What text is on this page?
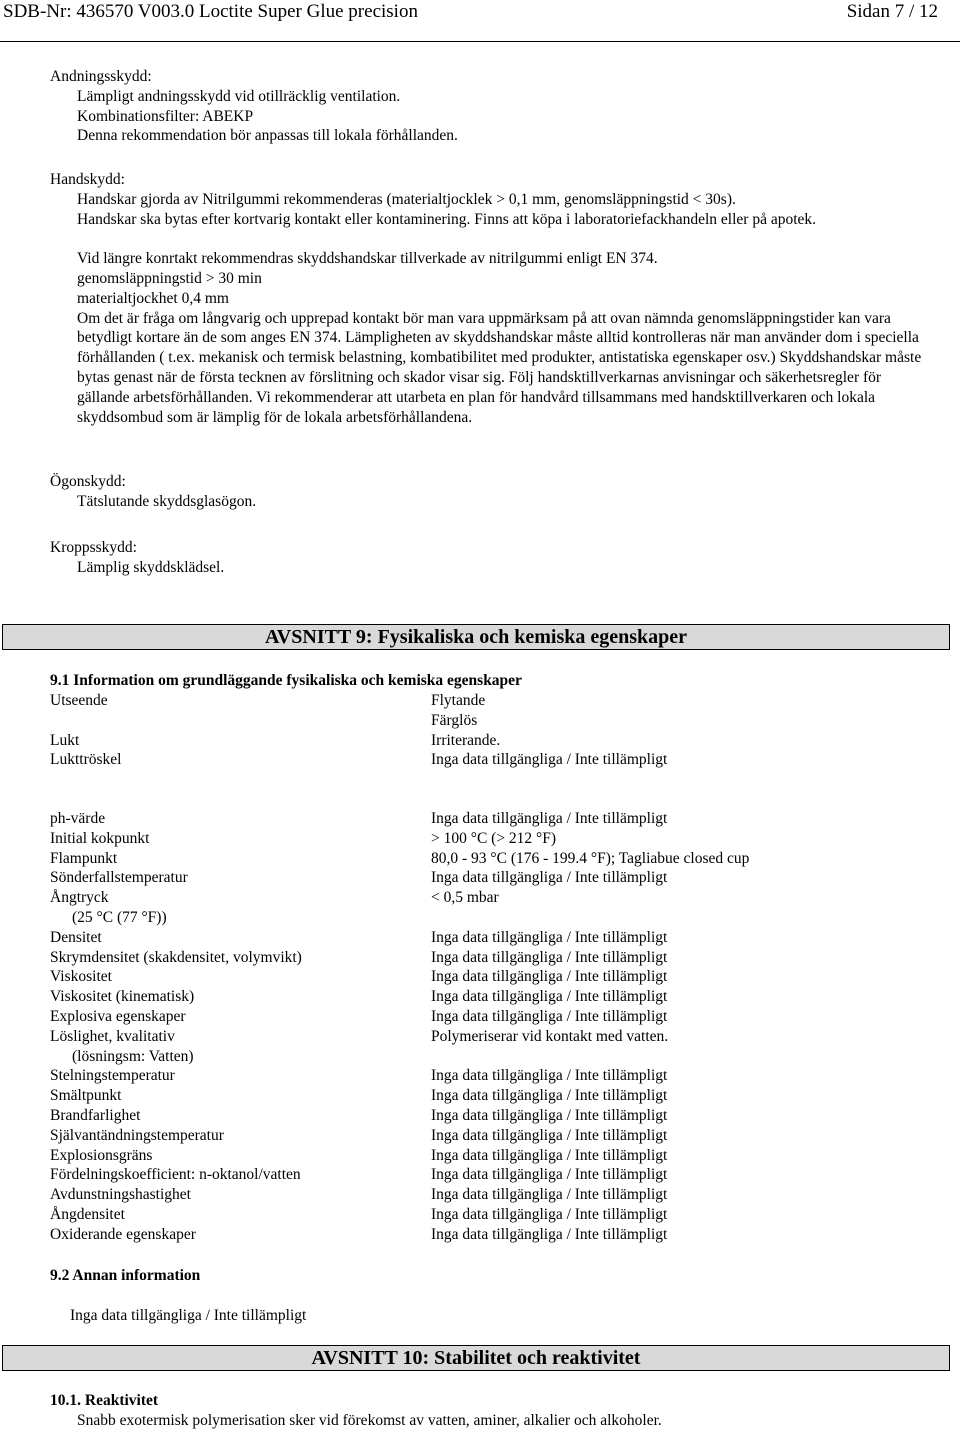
SDB-Nr: 436570 V003.0 Loctite Super Glue precision	Sidan 7 / 12
Andningsskydd:
Lämpligt andningsskydd vid otillräcklig ventilation.
Kombinationsfilter: ABEKP
Denna rekommendation bör anpassas till lokala förhållanden.
Handskydd:
Handskar gjorda av Nitrilgummi rekommenderas (materialtjocklek > 0,1 mm, genomsläppningstid < 30s).
Handskar ska bytas efter kortvarig kontakt eller kontaminering. Finns att köpa i laboratoriefackhandeln eller på apotek.
Vid längre konrtakt rekommendras skyddshandskar tillverkade av nitrilgummi enligt EN 374.
genomsläppningstid > 30 min
materialtjockhet 0,4 mm
Om det är fråga om långvarig och upprepad kontakt bör man vara uppmärksam på att ovan nämnda genomsläppningstider kan vara betydligt kortare än de som anges EN 374. Lämpligheten av skyddshandskar måste alltid kontrolleras när man använder dom i speciella förhållanden ( t.ex. mekanisk och termisk belastning, kombatibilitet med produkter, antistatiska egenskaper osv.) Skyddshandskar måste bytas genast när de första tecknen av förslitning och skador visar sig. Följ handsktillverkarnas anvisningar och säkerhetsregler för gällande arbetsförhållanden. Vi rekommenderar att utarbeta en plan för handvård tillsammans med handsktillverkaren och lokala skyddsombud som är lämplig för de lokala arbetsförhållandena.
Ögonskydd:
Tätslutande skyddsglasögon.
Kroppsskydd:
Lämplig skyddsklädsel.
AVSNITT 9: Fysikaliska och kemiska egenskaper
9.1 Information om grundläggande fysikaliska och kemiska egenskaper
Utseende	Flytande
Färglös
Lukt	Irriterande.
Lukttröskel	Inga data tillgängliga / Inte tillämpligt
ph-värde	Inga data tillgängliga / Inte tillämpligt
Initial kokpunkt	> 100 °C (> 212 °F)
Flampunkt	80,0 - 93 °C (176 - 199.4 °F); Tagliabue closed cup
Sönderfallstemperatur	Inga data tillgängliga / Inte tillämpligt
Ångtryck	< 0,5 mbar
(25 °C (77 °F))
Densitet	Inga data tillgängliga / Inte tillämpligt
Skrymdensitet (skakdensitet, volymvikt)	Inga data tillgängliga / Inte tillämpligt
Viskositet	Inga data tillgängliga / Inte tillämpligt
Viskositet (kinematisk)	Inga data tillgängliga / Inte tillämpligt
Explosiva egenskaper	Inga data tillgängliga / Inte tillämpligt
Löslighet, kvalitativ	Polymeriserar vid kontakt med vatten.
(lösningsm: Vatten)
Stelningstemperatur	Inga data tillgängliga / Inte tillämpligt
Smältpunkt	Inga data tillgängliga / Inte tillämpligt
Brandfarlighet	Inga data tillgängliga / Inte tillämpligt
Självantändningstemperatur	Inga data tillgängliga / Inte tillämpligt
Explosionsgräns	Inga data tillgängliga / Inte tillämpligt
Fördelningskoefficient: n-oktanol/vatten	Inga data tillgängliga / Inte tillämpligt
Avdunstningshastighet	Inga data tillgängliga / Inte tillämpligt
Ångdensitet	Inga data tillgängliga / Inte tillämpligt
Oxiderande egenskaper	Inga data tillgängliga / Inte tillämpligt
9.2 Annan information
Inga data tillgängliga / Inte tillämpligt
AVSNITT 10: Stabilitet och reaktivitet
10.1. Reaktivitet
Snabb exotermisk polymerisation sker vid förekomst av vatten, aminer, alkalier och alkoholer.
